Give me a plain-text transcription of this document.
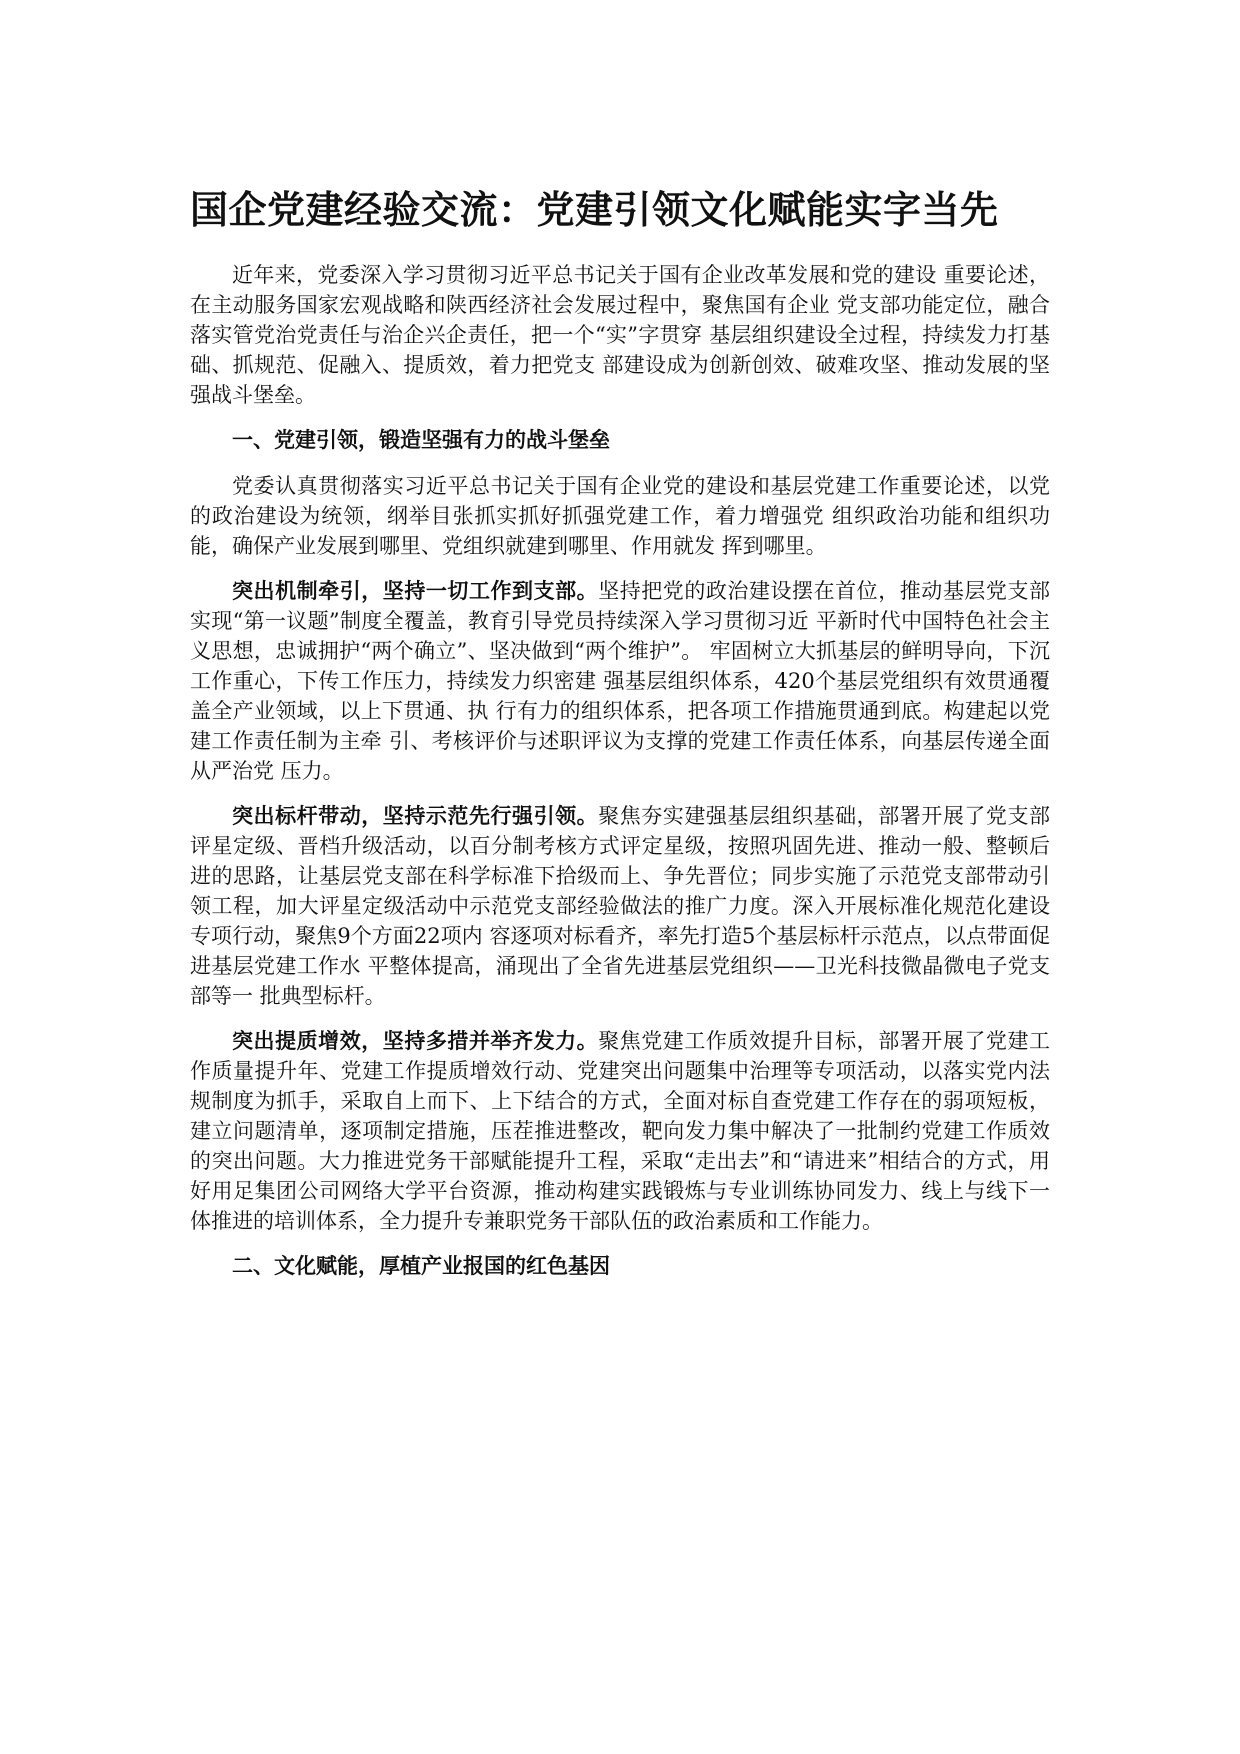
国企党建经验交流：党建引领文化赋能实字当先

近年来，党委深入学习贯彻习近平总书记关于国有企业改革发展和党的建设 重要论述，在主动服务国家宏观战略和陕西经济社会发展过程中，聚焦国有企业 党支部功能定位，融合落实管党治党责任与治企兴企责任，把一个“实”字贯穿 基层组织建设全过程，持续发力打基础、抓规范、促融入、提质效，着力把党支 部建设成为创新创效、破难攻坚、推动发展的坚强战斗堡垒。

一、党建引领，锻造坚强有力的战斗堡垒

党委认真贯彻落实习近平总书记关于国有企业党的建设和基层党建工作重要论述，以党的政治建设为统领，纲举目张抓实抓好抓强党建工作，着力增强党 组织政治功能和组织功能，确保产业发展到哪里、党组织就建到哪里、作用就发 挥到哪里。

突出机制牵引，坚持一切工作到支部。坚持把党的政治建设摆在首位，推动基层党支部实现“第一议题”制度全覆盖，教育引导党员持续深入学习贯彻习近 平新时代中国特色社会主义思想，忠诚拥护“两个确立”、坚决做到“两个维护”。 牢固树立大抓基层的鲜明导向，下沉工作重心，下传工作压力，持续发力织密建 强基层组织体系，420个基层党组织有效贯通覆盖全产业领域，以上下贯通、执 行有力的组织体系，把各项工作措施贯通到底。构建起以党建工作责任制为主牵 引、考核评价与述职评议为支撑的党建工作责任体系，向基层传递全面从严治党 压力。

突出标杆带动，坚持示范先行强引领。聚焦夯实建强基层组织基础，部署开展了党支部评星定级、晋档升级活动，以百分制考核方式评定星级，按照巩固先进、推动一般、整顿后进的思路，让基层党支部在科学标准下拾级而上、争先晋位；同步实施了示范党支部带动引领工程，加大评星定级活动中示范党支部经验做法的推广力度。深入开展标准化规范化建设专项行动，聚焦9个方面22项内 容逐项对标看齐，率先打造5个基层标杆示范点，以点带面促进基层党建工作水 平整体提高，涌现出了全省先进基层党组织——卫光科技微晶微电子党支部等一 批典型标杆。

突出提质增效，坚持多措并举齐发力。聚焦党建工作质效提升目标，部署开展了党建工作质量提升年、党建工作提质增效行动、党建突出问题集中治理等专项活动，以落实党内法规制度为抓手，采取自上而下、上下结合的方式，全面对标自查党建工作存在的弱项短板，建立问题清单，逐项制定措施，压茬推进整改，靶向发力集中解决了一批制约党建工作质效的突出问题。大力推进党务干部赋能提升工程，采取“走出去”和“请进来”相结合的方式，用好用足集团公司网络大学平台资源，推动构建实践锻炼与专业训练协同发力、线上与线下一体推进的培训体系，全力提升专兼职党务干部队伍的政治素质和工作能力。

二、文化赋能，厚植产业报国的红色基因
